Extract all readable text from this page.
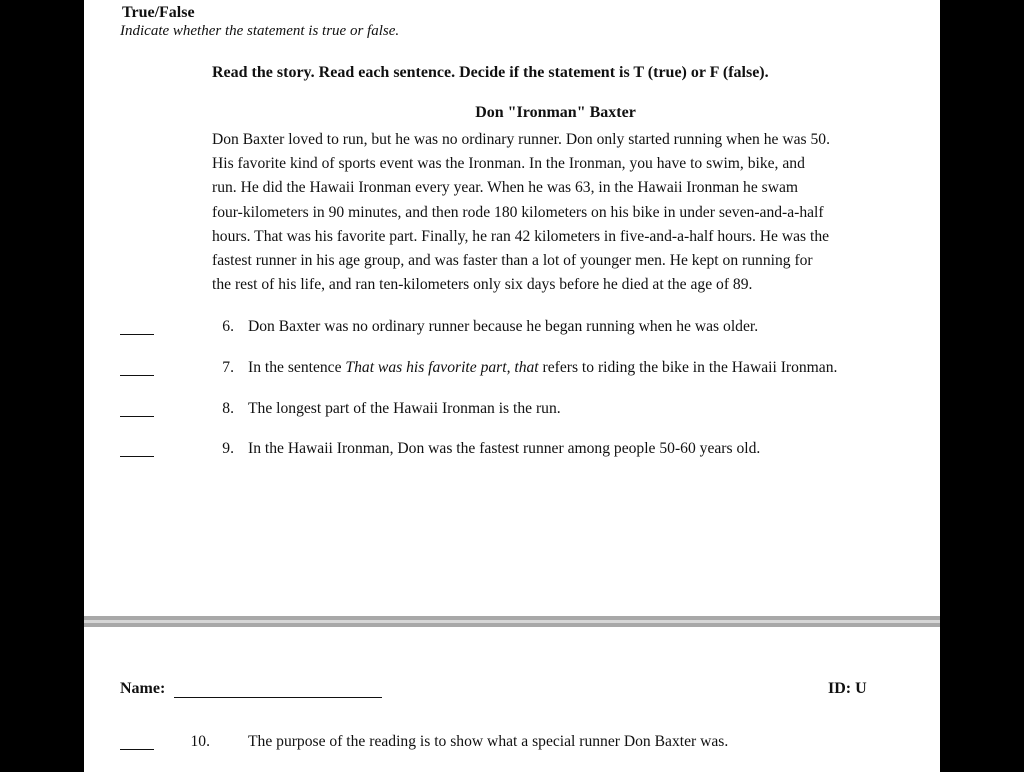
True/False
Indicate whether the statement is true or false.
Read the story. Read each sentence. Decide if the statement is T (true) or F (false).
Don "Ironman" Baxter
Don Baxter loved to run, but he was no ordinary runner. Don only started running when he was 50.
His favorite kind of sports event was the Ironman. In the Ironman, you have to swim, bike, and
run. He did the Hawaii Ironman every year. When he was 63, in the Hawaii Ironman he swam
four-kilometers in 90 minutes, and then rode 180 kilometers on his bike in under seven-and-a-half
hours. That was his favorite part. Finally, he ran 42 kilometers in five-and-a-half hours. He was the
fastest runner in his age group, and was faster than a lot of younger men. He kept on running for
the rest of his life, and ran ten-kilometers only six days before he died at the age of 89.
6. Don Baxter was no ordinary runner because he began running when he was older.
7. In the sentence That was his favorite part, that refers to riding the bike in the Hawaii Ironman.
8. The longest part of the Hawaii Ironman is the run.
9. In the Hawaii Ironman, Don was the fastest runner among people 50-60 years old.
Name:	ID: U
10. The purpose of the reading is to show what a special runner Don Baxter was.
